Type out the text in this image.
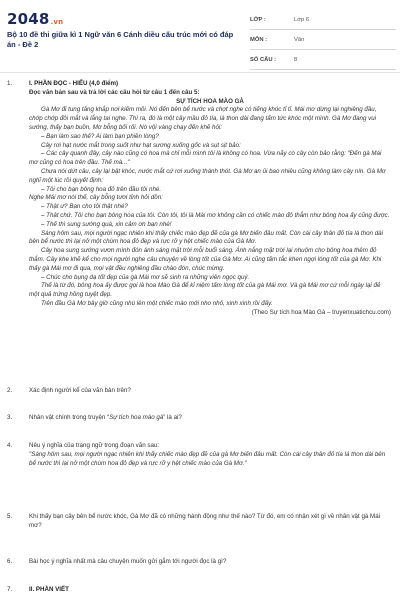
2048.vn
Bộ 10 đề thi giữa kì 1 Ngữ văn 6 Cánh diều cấu trúc mới có đáp án - Đề 2
LỚP :	Lớp 6
MÔN :	Văn
SỐ CÂU :	8
1.	I. PHẦN ĐỌC - HIỂU (4,0 điểm)
Đọc văn bản sau và trả lời các câu hỏi từ câu 1 đến câu 5:
SỰ TÍCH HOA MÀO GÀ

Gà Mơ đi tung tăng khắp nơi kiếm mồi. Nó đến bên bể nước và chợt nghe có tiếng khóc tỉ tỉ. Mái mơ dừng lại nghiêng đầu, chớp chớp đôi mắt và lắng tai nghe. Thì ra, đó là một cây mầu đỏ tía, lá thon dài đang tấm tức khóc một mình. Gà Mơ đang vui sướng, thấy bạn buồn, Mơ bỗng bối rối. Nó vội vàng chạy đến khẽ hỏi:

– Bạn làm sao thế? Ai làm bạn phiền lòng?

Cây rơi hạt nước mắt trong suốt như hạt sương xuống gốc và sụt sịt bảo:

– Các cây quanh đây, cây nào cũng có hoa mà chỉ mỗi mình tôi là không có hoa. Vừa nãy có cây còn bảo rằng: "Đến gà Mái mơ cũng có hoa trên đầu. Thế mà..."

Chưa nói dứt câu, cây lại bật khóc, nước mắt cứ rơi xuống thánh thót. Gà Mơ an ủi bao nhiêu cũng không làm cây nín. Gà Mơ nghĩ một lúc rồi quyết định:

– Tôi cho bạn bông hoa đỏ trên đầu tôi nhé.

Nghe Mái mơ nói thế, cây bỗng tươi tỉnh hỏi dồn:

– Thật ư? Bạn cho tôi thật nhé?

– Thật chứ. Tôi cho bạn bông hoa của tôi. Còn tôi, tôi là Mái mơ không cần có chiếc mào đỏ thắm như bông hoa ấy cũng được.

– Thế thì sung sướng quá, xin cảm ơn bạn nhé!

Sáng hôm sau, mọi người ngạc nhiên khi thấy chiếc mào đẹp đẽ của gà Mơ biến đâu mất. Còn cái cây thân đỏ tía lá thon dài bên bể nước thì lại nở một chùm hoa đỏ đẹp và rực rỡ y hệt chiếc mào của Gà Mơ.

Cây hoa sung sướng vươn mình đón ánh sáng mặt trời mỗi buổi sáng. Ánh nắng mặt trời lại nhuộm cho bông hoa thêm đỏ thắm. Cây khe khẽ kể cho mọi người nghe câu chuyện về lòng tốt của Gà Mơ. Ai cũng tấm tắc khen ngợi lòng tốt của gà Mơ. Khi thấy gà Mái mơ đi qua, mọi vật đều nghiêng đầu chào đón, chúc mừng.

– Chúc cho bụng dạ tốt đẹp của gà Mái mơ sẽ sinh ra những viên ngọc quý.

Thế là từ đó, bông hoa ấy được gọi là hoa Mào Gà để kỉ niệm tấm lòng tốt của gà Mái mơ. Và gà Mái mơ cứ mỗi ngày lại đẻ một quả trứng hồng tuyệt đẹp.

Trên đầu Gà Mơ bây giờ cũng nhú lên một chiếc mào mới nho nhỏ, xinh xinh rồi đấy.

(Theo Sự tích hoa Mào Gà – truyenxuatichcu.com)
2.	Xác định người kể của văn bản trên?
3.	Nhân vật chính trong truyện “Sự tích hoa mào gà” là ai?
4.	Nêu ý nghĩa của trạng ngữ trong đoạn văn sau:
"Sáng hôm sau, mọi người ngạc nhiên khi thấy chiếc mào đẹp đẽ của gà Mơ biến đâu mất. Còn cái cây thân đỏ tía lá thon dài bên bể nước thì lại nở một chùm hoa đỏ đẹp và rực rỡ y hệt chiếc mào của Gà Mơ."
5.	Khi thấy bạn cây bên bể nước khóc, Gà Mơ đã có những hành động như thế nào? Từ đó, em có nhận xét gì về nhân vật gà Mái mơ?
6.	Bài học ý nghĩa nhất mà câu chuyện muốn gửi gắm tới người đọc là gì?
7.	II. PHẦN VIẾT
